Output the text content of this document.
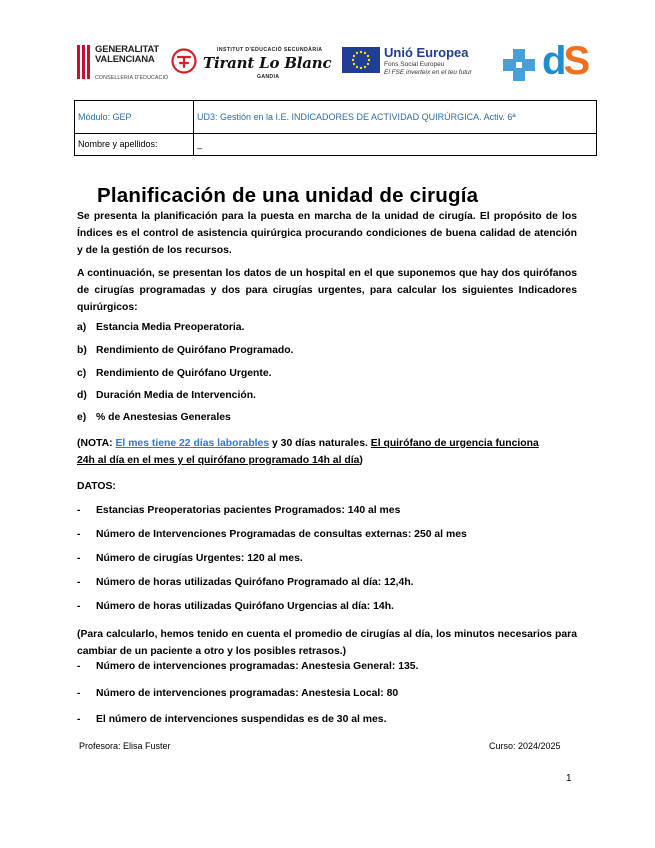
GENERALITAT
VALENCIANA
CONSELLERIA D'EDUCACIÓ
INSTITUT D'EDUCACIÓ SECUNDÀRIA
Tirant Lo Blanc
GANDIA
Unió Europea
Fons Social Europeu
El FSE inverteix en el teu futur dS
Módulo: GEP	UD3: Gestión en la I.E. INDICADORES DE ACTIVIDAD QUIRÚRGICA. Activ. 6ª
Nombre y apellidos:	_
Planificación de una unidad de cirugía
Se presenta la planificación para la puesta en marcha de la unidad de cirugía. El propósito de los Índices es el control de asistencia quirúrgica procurando condiciones de buena calidad de atención y de la gestión de los recursos.
A continuación, se presentan los datos de un hospital en el que suponemos que hay dos quirófanos de cirugías programadas y dos para cirugías urgentes, para calcular los siguientes Indicadores quirúrgicos:
a) Estancia Media Preoperatoria.
b) Rendimiento de Quirófano Programado.
c) Rendimiento de Quirófano Urgente.
d) Duración Media de Intervención.
e) % de Anestesias Generales
(NOTA: El mes tiene 22 días laborables y 30 días naturales. El quirófano de urgencia funciona
24h al día en el mes y el quirófano programado 14h al día)
DATOS:
- Estancias Preoperatorias pacientes Programados: 140 al mes
- Número de Intervenciones Programadas de consultas externas: 250 al mes
- Número de cirugías Urgentes: 120 al mes.
- Número de horas utilizadas Quirófano Programado al día: 12,4h.
- Número de horas utilizadas Quirófano Urgencias al día: 14h.
(Para calcularlo, hemos tenido en cuenta el promedio de cirugías al día, los minutos necesarios para cambiar de un paciente a otro y los posibles retrasos.)
- Número de intervenciones programadas: Anestesia General: 135.
- Número de intervenciones programadas: Anestesia Local: 80
- El número de intervenciones suspendidas es de 30 al mes.
Profesora: Elisa Fuster	Curso: 2024/2025
1
